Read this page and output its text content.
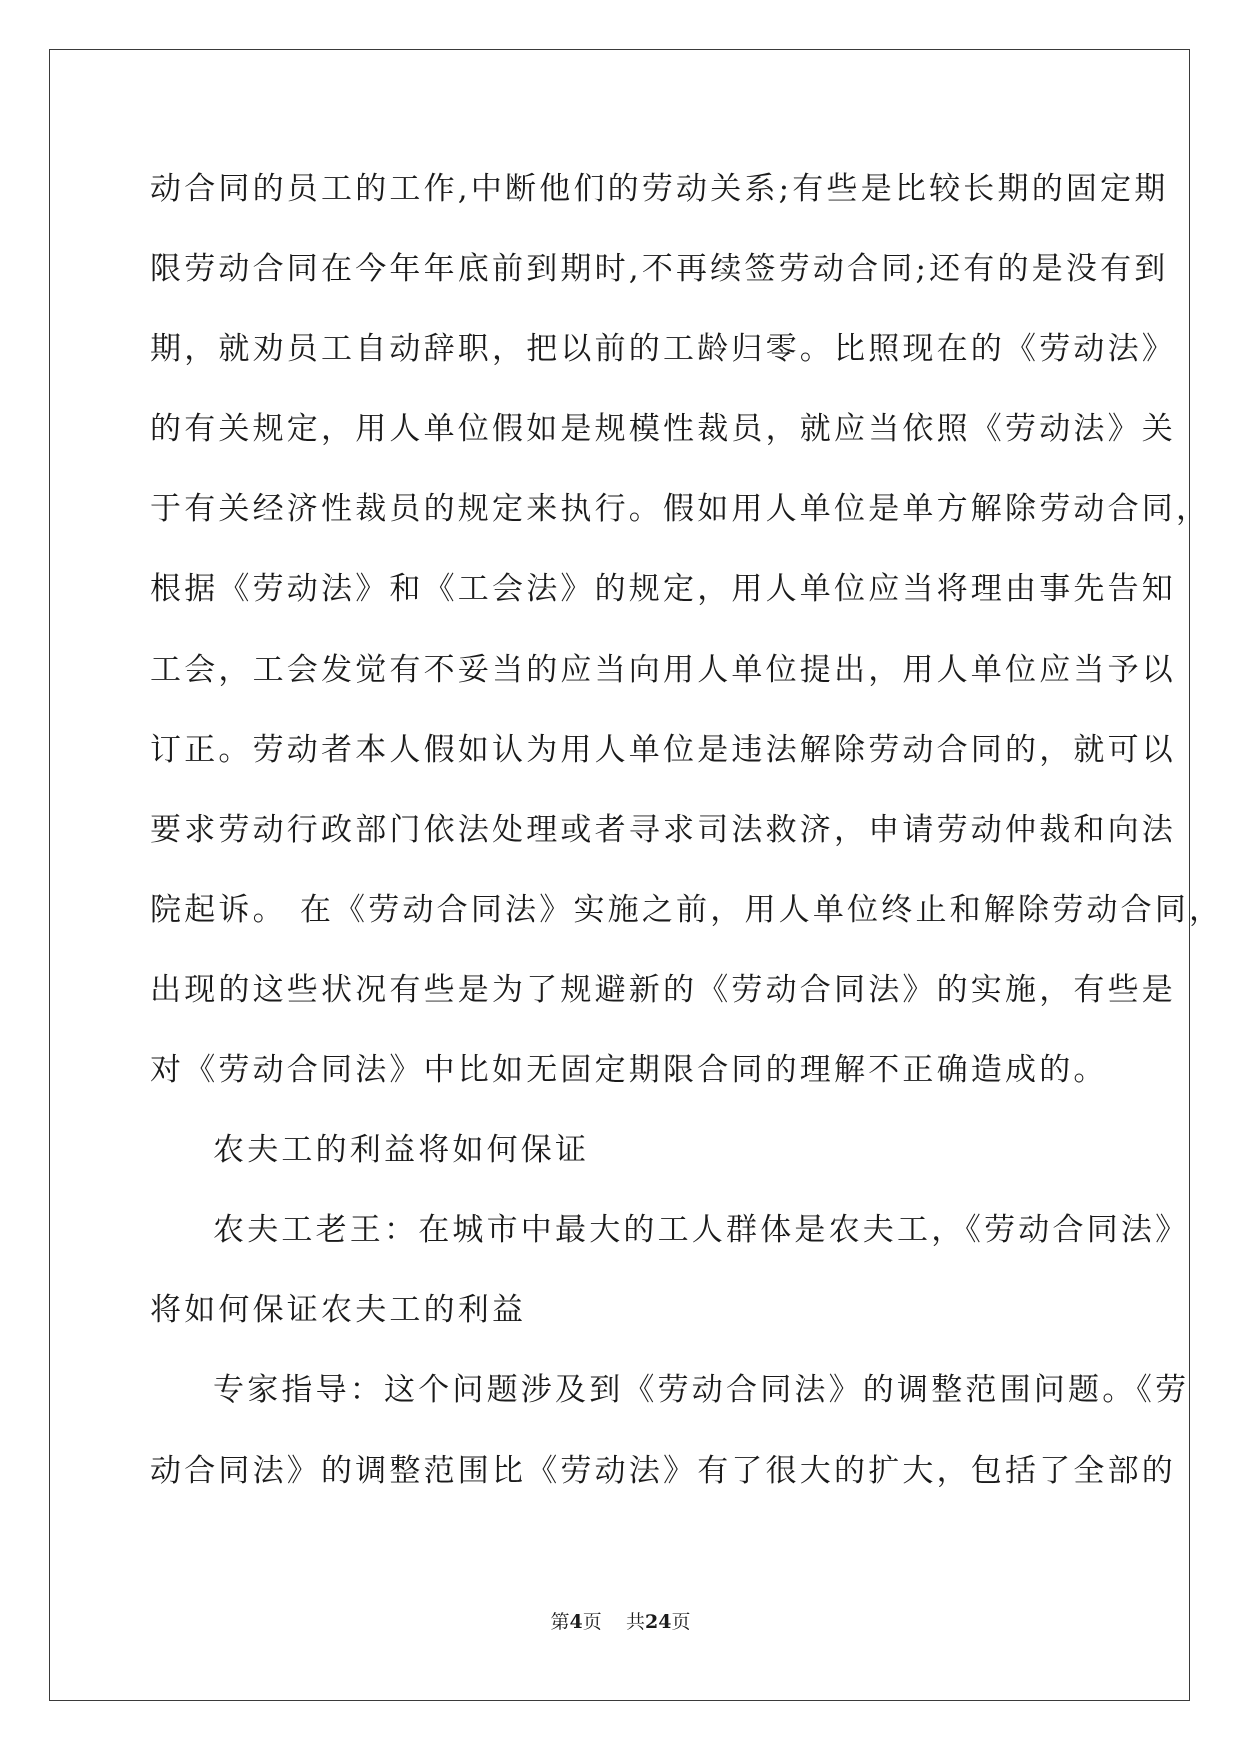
动合同的员工的工作,中断他们的劳动关系;有些是比较长期的固定期
限劳动合同在今年年底前到期时,不再续签劳动合同;还有的是没有到
期，就劝员工自动辞职，把以前的工龄归零。比照现在的《劳动法》
的有关规定，用人单位假如是规模性裁员，就应当依照《劳动法》关
于有关经济性裁员的规定来执行。假如用人单位是单方解除劳动合同，
根据《劳动法》和《工会法》的规定，用人单位应当将理由事先告知
工会，工会发觉有不妥当的应当向用人单位提出，用人单位应当予以
订正。劳动者本人假如认为用人单位是违法解除劳动合同的，就可以
要求劳动行政部门依法处理或者寻求司法救济，申请劳动仲裁和向法
院起诉。 在《劳动合同法》实施之前，用人单位终止和解除劳动合同，
出现的这些状况有些是为了规避新的《劳动合同法》的实施，有些是
对《劳动合同法》中比如无固定期限合同的理解不正确造成的。
农夫工的利益将如何保证
农夫工老王：在城市中最大的工人群体是农夫工，《劳动合同法》
将如何保证农夫工的利益
专家指导：这个问题涉及到《劳动合同法》的调整范围问题。《劳
动合同法》的调整范围比《劳动法》有了很大的扩大，包括了全部的
第4页 共24页
